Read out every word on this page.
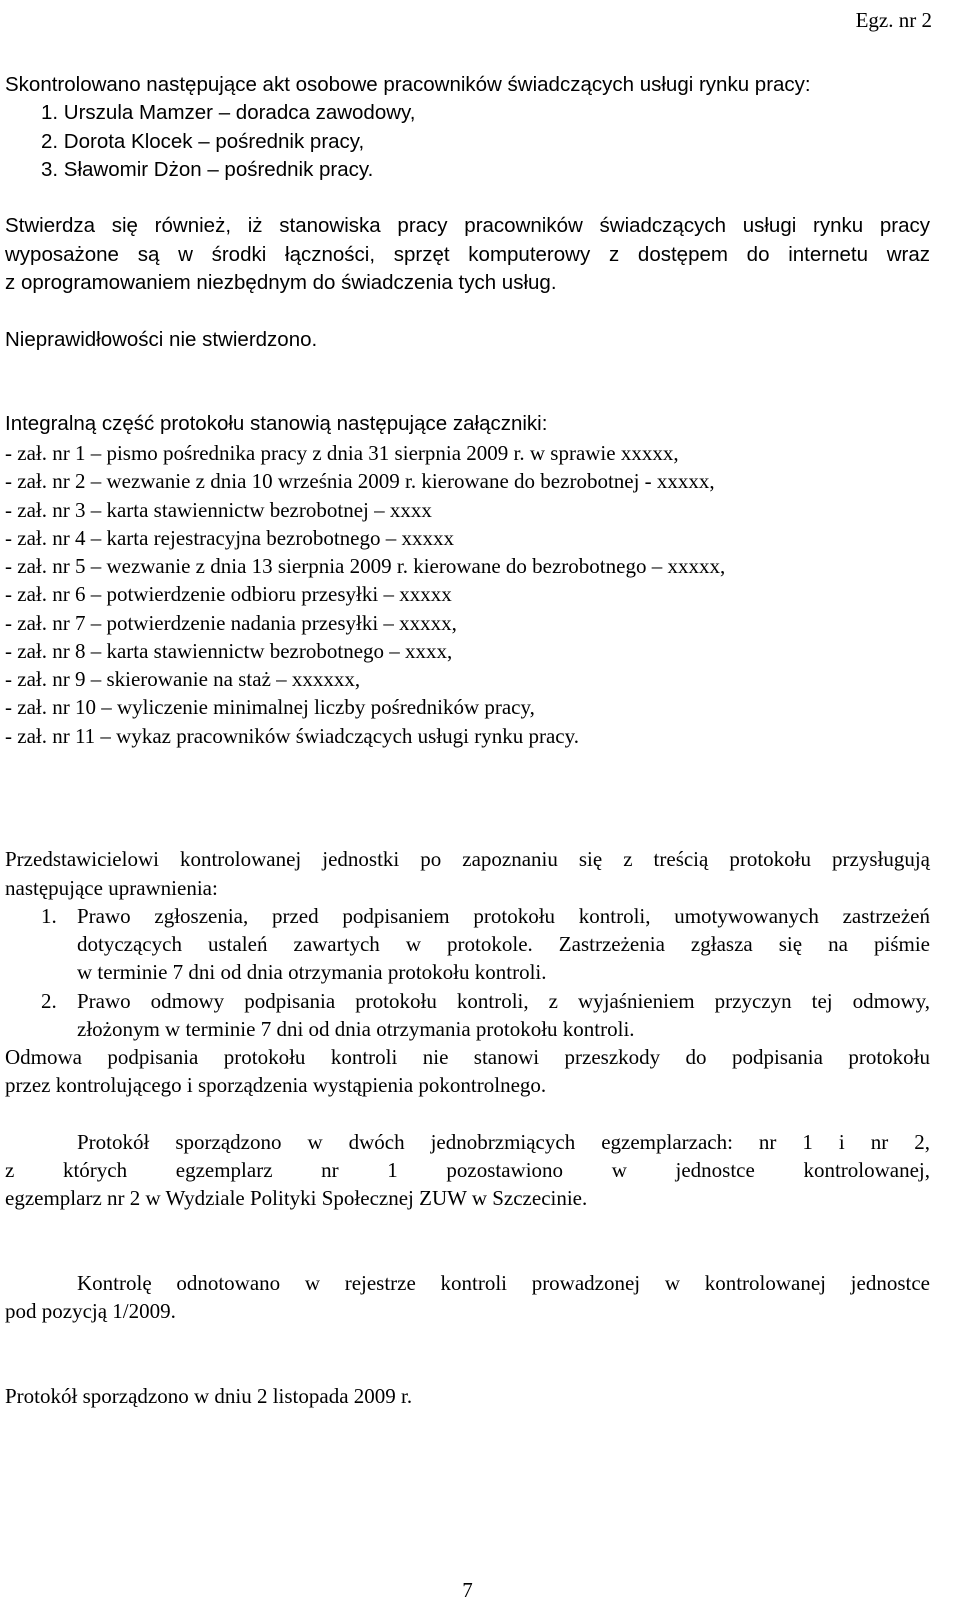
Egz. nr 2
Skontrolowano następujące akt osobowe pracowników świadczących usługi rynku pracy:
1. Urszula Mamzer – doradca zawodowy,
2. Dorota Klocek – pośrednik pracy,
3. Sławomir Dżon – pośrednik pracy.
Stwierdza się również, iż stanowiska pracy pracowników świadczących usługi rynku pracy
wyposażone są w środki łączności, sprzęt komputerowy z dostępem do internetu wraz
z oprogramowaniem niezbędnym do świadczenia tych usług.
Nieprawidłowości nie stwierdzono.
Integralną część protokołu stanowią następujące załączniki:
- zał. nr 1 – pismo pośrednika pracy z dnia 31 sierpnia 2009 r. w sprawie xxxxx,
- zał. nr 2 – wezwanie z dnia 10 września 2009 r. kierowane do bezrobotnej - xxxxx,
- zał. nr 3 – karta stawiennictw bezrobotnej – xxxx
- zał. nr 4 – karta rejestracyjna bezrobotnego – xxxxx
- zał. nr 5 – wezwanie z dnia 13 sierpnia 2009 r. kierowane do bezrobotnego – xxxxx,
- zał. nr 6 – potwierdzenie odbioru przesyłki – xxxxx
- zał. nr 7 – potwierdzenie nadania przesyłki – xxxxx,
- zał. nr 8 – karta stawiennictw bezrobotnego – xxxx,
- zał. nr 9 – skierowanie na staż – xxxxxx,
- zał. nr 10 – wyliczenie minimalnej liczby pośredników pracy,
- zał. nr 11 – wykaz pracowników świadczących usługi rynku pracy.
Przedstawicielowi kontrolowanej jednostki po zapoznaniu się z treścią protokołu przysługują
następujące uprawnienia:
1. Prawo zgłoszenia, przed podpisaniem protokołu kontroli, umotywowanych zastrzeżeń
dotyczących ustaleń zawartych w protokole. Zastrzeżenia zgłasza się na piśmie
w terminie 7 dni od dnia otrzymania protokołu kontroli.
2. Prawo odmowy podpisania protokołu kontroli, z wyjaśnieniem przyczyn tej odmowy,
złożonym w terminie 7 dni od dnia otrzymania protokołu kontroli.
Odmowa podpisania protokołu kontroli nie stanowi przeszkody do podpisania protokołu
przez kontrolującego i sporządzenia wystąpienia pokontrolnego.
Protokół sporządzono w dwóch jednobrzmiących egzemplarzach: nr 1 i nr 2,
z których egzemplarz nr 1 pozostawiono w jednostce kontrolowanej,
egzemplarz nr 2 w Wydziale Polityki Społecznej ZUW w Szczecinie.
Kontrolę odnotowano w rejestrze kontroli prowadzonej w kontrolowanej jednostce
pod pozycją 1/2009.
Protokół sporządzono w dniu 2 listopada 2009 r.
7
